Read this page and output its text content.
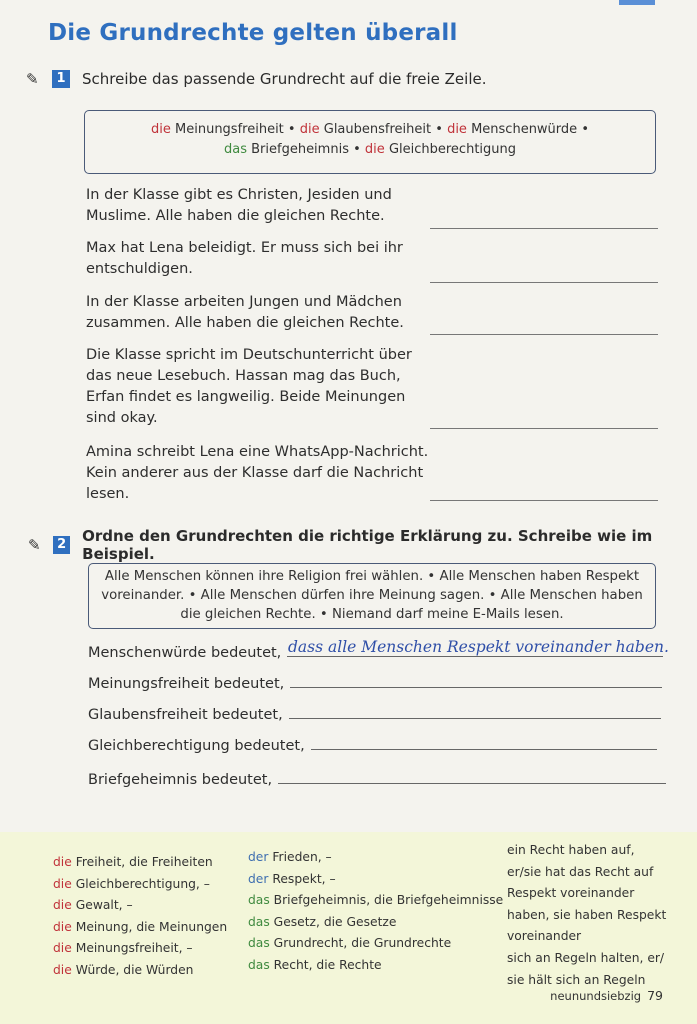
Die Grundrechte gelten überall
✎	1 Schreibe das passende Grundrecht auf die freie Zeile.
die Meinungsfreiheit • die Glaubensfreiheit • die Menschenwürde •
das Briefgeheimnis • die Gleichberechtigung
In der Klasse gibt es Christen, Jesiden und
Muslime. Alle haben die gleichen Rechte.
Max hat Lena beleidigt. Er muss sich bei ihr
entschuldigen.
In der Klasse arbeiten Jungen und Mädchen
zusammen. Alle haben die gleichen Rechte.
Die Klasse spricht im Deutschunterricht über
das neue Lesebuch. Hassan mag das Buch,
Erfan findet es langweilig. Beide Meinungen
sind okay.
Amina schreibt Lena eine WhatsApp-Nachricht.
Kein anderer aus der Klasse darf die Nachricht
lesen.
✎	2 Ordne den Grundrechten die richtige Erklärung zu. Schreibe wie im Beispiel.
Alle Menschen können ihre Religion frei wählen. • Alle Menschen haben Respekt
voreinander. • Alle Menschen dürfen ihre Meinung sagen. • Alle Menschen haben
die gleichen Rechte. • Niemand darf meine E-Mails lesen.
Menschenwürde bedeutet, dass alle Menschen Respekt voreinander haben.
Meinungsfreiheit bedeutet,
Glaubensfreiheit bedeutet,
Gleichberechtigung bedeutet,
Briefgeheimnis bedeutet,
die Freiheit, die Freiheiten
die Gleichberechtigung, –
die Gewalt, –
die Meinung, die Meinungen
die Meinungsfreiheit, –
die Würde, die Würden
der Frieden, –
der Respekt, –
das Briefgeheimnis, die Briefgeheimnisse
das Gesetz, die Gesetze
das Grundrecht, die Grundrechte
das Recht, die Rechte
ein Recht haben auf,
er/sie hat das Recht auf
Respekt voreinander
haben, sie haben Respekt
voreinander
sich an Regeln halten, er/
sie hält sich an Regeln
neunundsiebzig 79
